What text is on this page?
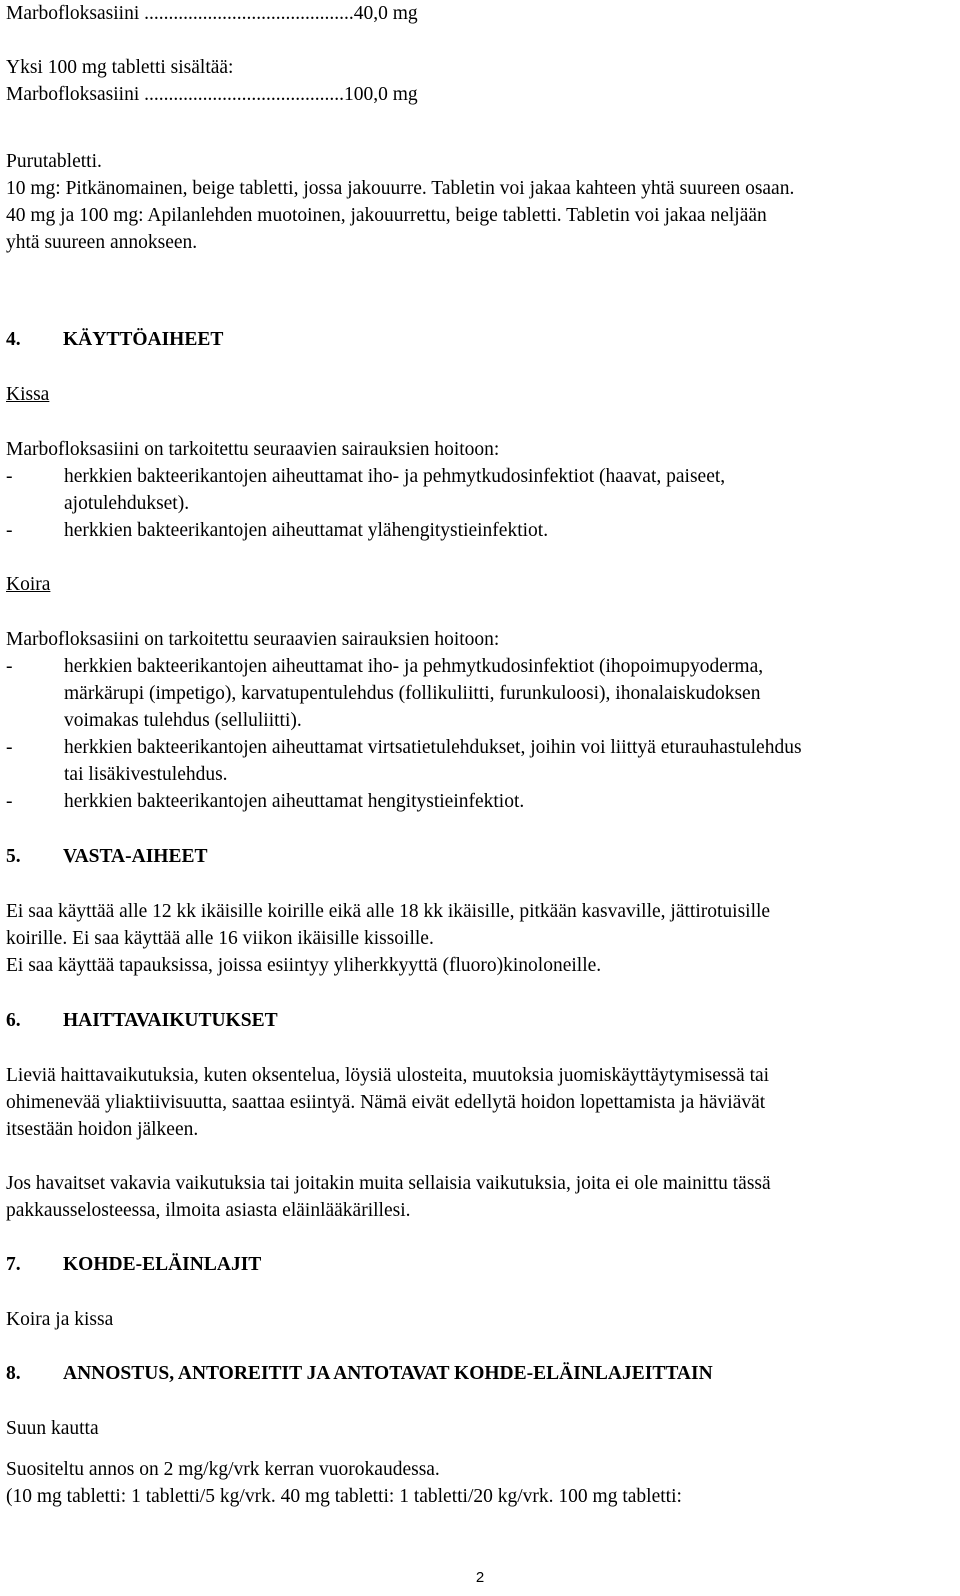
Marbofloksasiini ...........................................40,0 mg
Yksi 100 mg tabletti sisältää:
Marbofloksasiini .........................................100,0 mg
Purutabletti.
10 mg: Pitkänomainen, beige tabletti, jossa jakouurre. Tabletin voi jakaa kahteen yhtä suureen osaan.
40 mg ja 100 mg: Apilanlehden muotoinen, jakouurrettu, beige tabletti. Tabletin voi jakaa neljään
yhtä suureen annokseen.
4. KÄYTTÖAIHEET
Kissa
Marbofloksasiini on tarkoitettu seuraavien sairauksien hoitoon:
-	herkkien bakteerikantojen aiheuttamat iho- ja pehmytkudosinfektiot (haavat, paiseet,
ajotulehdukset).
-	herkkien bakteerikantojen aiheuttamat ylähengitystieinfektiot.
Koira
Marbofloksasiini on tarkoitettu seuraavien sairauksien hoitoon:
-	herkkien bakteerikantojen aiheuttamat iho- ja pehmytkudosinfektiot (ihopoimupyoderma,
märkärupi (impetigo), karvatupentulehdus (follikuliitti, furunkuloosi), ihonalaiskudoksen
voimakas tulehdus (selluliitti).
-	herkkien bakteerikantojen aiheuttamat virtsatietulehdukset, joihin voi liittyä eturauhastulehdus
tai lisäkivestulehdus.
-	herkkien bakteerikantojen aiheuttamat hengitystieinfektiot.
5. VASTA-AIHEET
Ei saa käyttää alle 12 kk ikäisille koirille eikä alle 18 kk ikäisille, pitkään kasvaville, jättirotuisille
koirille. Ei saa käyttää alle 16 viikon ikäisille kissoille.
Ei saa käyttää tapauksissa, joissa esiintyy yliherkkyyttä (fluoro)kinoloneille.
6. HAITTAVAIKUTUKSET
Lieviä haittavaikutuksia, kuten oksentelua, löysiä ulosteita, muutoksia juomiskäyttäytymisessä tai
ohimenevää yliaktiivisuutta, saattaa esiintyä. Nämä eivät edellytä hoidon lopettamista ja häviävät
itsestään hoidon jälkeen.
Jos havaitset vakavia vaikutuksia tai joitakin muita sellaisia vaikutuksia, joita ei ole mainittu tässä
pakkausselosteessa, ilmoita asiasta eläinlääkärillesi.
7. KOHDE-ELÄINLAJIT
Koira ja kissa
8. ANNOSTUS, ANTOREITIT JA ANTOTAVAT KOHDE-ELÄINLAJEITTAIN
Suun kautta
Suositeltu annos on 2 mg/kg/vrk kerran vuorokaudessa.
(10 mg tabletti: 1 tabletti/5 kg/vrk. 40 mg tabletti: 1 tabletti/20 kg/vrk. 100 mg tabletti:
2
